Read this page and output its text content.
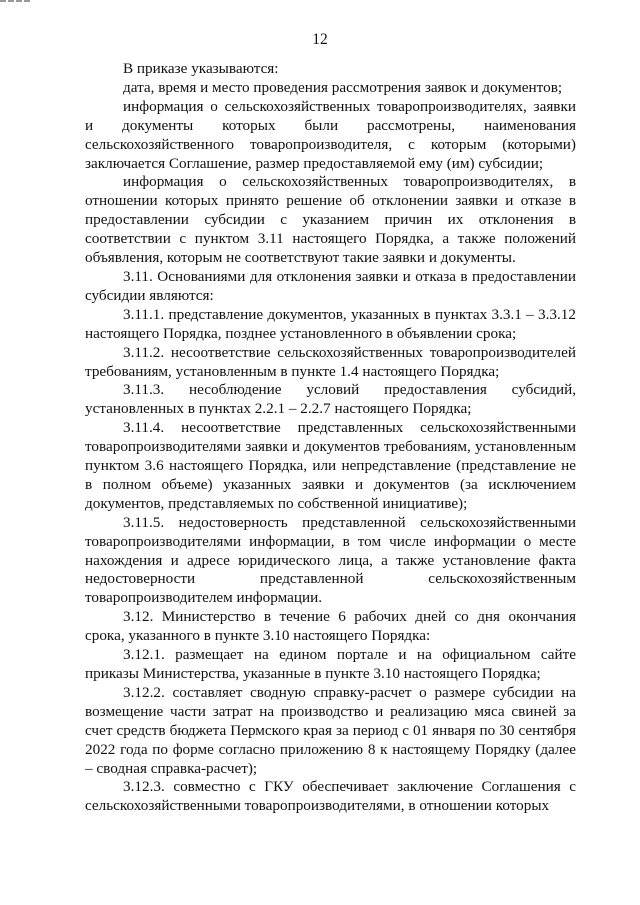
12

В приказе указываются:

дата, время и место проведения рассмотрения заявок и документов;

информация о сельскохозяйственных товаропроизводителях, заявки и документы которых были рассмотрены, наименования сельскохозяйственного товаропроизводителя, с которым (которыми) заключается Соглашение, размер предоставляемой ему (им) субсидии;

информация о сельскохозяйственных товаропроизводителях, в отношении которых принято решение об отклонении заявки и отказе в предоставлении субсидии с указанием причин их отклонения в соответствии с пунктом 3.11 настоящего Порядка, а также положений объявления, которым не соответствуют такие заявки и документы.

3.11. Основаниями для отклонения заявки и отказа в предоставлении субсидии являются:

3.11.1. представление документов, указанных в пунктах 3.3.1 – 3.3.12 настоящего Порядка, позднее установленного в объявлении срока;

3.11.2. несоответствие сельскохозяйственных товаропроизводителей требованиям, установленным в пункте 1.4 настоящего Порядка;

3.11.3. несоблюдение условий предоставления субсидий, установленных в пунктах 2.2.1 – 2.2.7 настоящего Порядка;

3.11.4. несоответствие представленных сельскохозяйственными товаропроизводителями заявки и документов требованиям, установленным пунктом 3.6 настоящего Порядка, или непредставление (представление не в полном объеме) указанных заявки и документов (за исключением документов, представляемых по собственной инициативе);

3.11.5. недостоверность представленной сельскохозяйственными товаропроизводителями информации, в том числе информации о месте нахождения и адресе юридического лица, а также установление факта недостоверности представленной сельскохозяйственным товаропроизводителем информации.

3.12. Министерство в течение 6 рабочих дней со дня окончания срока, указанного в пункте 3.10 настоящего Порядка:

3.12.1. размещает на едином портале и на официальном сайте приказы Министерства, указанные в пункте 3.10 настоящего Порядка;

3.12.2. составляет сводную справку-расчет о размере субсидии на возмещение части затрат на производство и реализацию мяса свиней за счет средств бюджета Пермского края за период с 01 января по 30 сентября 2022 года по форме согласно приложению 8 к настоящему Порядку (далее – сводная справка-расчет);

3.12.3. совместно с ГКУ обеспечивает заключение Соглашения с сельскохозяйственными товаропроизводителями, в отношении которых
